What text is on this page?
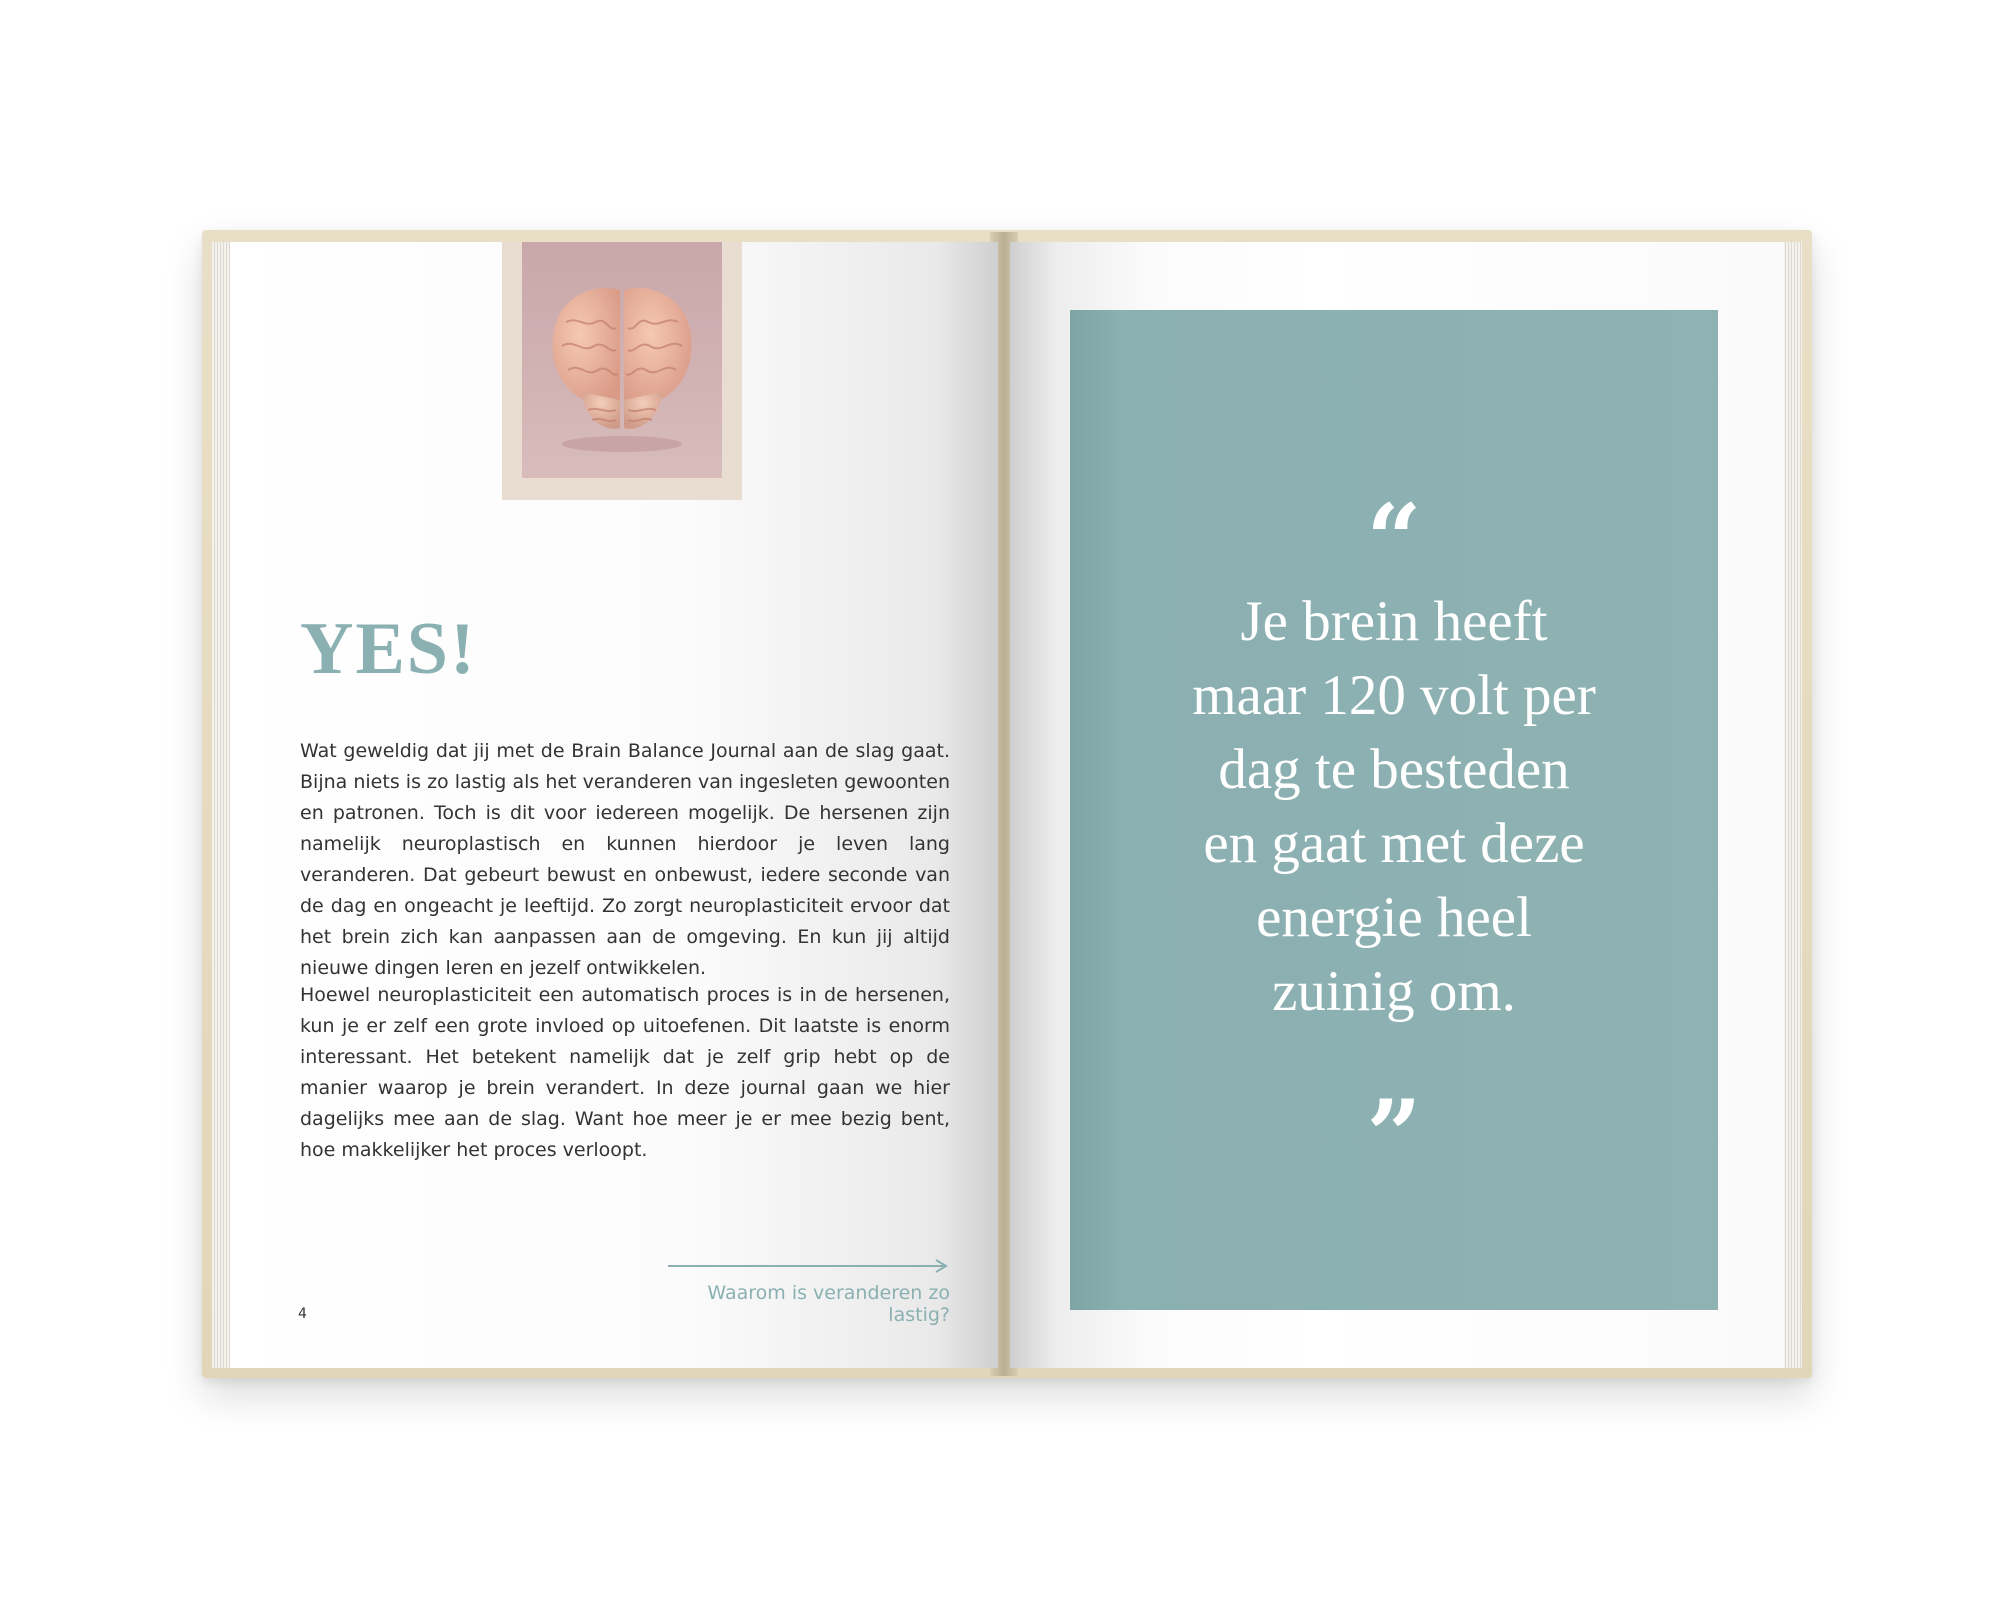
YES!

Wat geweldig dat jij met de Brain Balance Journal aan de slag gaat. Bijna niets is zo lastig als het veranderen van ingesleten gewoonten en patronen. Toch is dit voor iedereen mogelijk. De hersenen zijn namelijk neuroplastisch en kunnen hierdoor je leven lang veranderen. Dat gebeurt bewust en onbewust, iedere seconde van de dag en ongeacht je leeftijd. Zo zorgt neuroplasticiteit ervoor dat het brein zich kan aanpassen aan de omgeving. En kun jij altijd nieuwe dingen leren en jezelf ontwikkelen.

Hoewel neuroplasticiteit een automatisch proces is in de hersenen, kun je er zelf een grote invloed op uitoefenen. Dit laatste is enorm interessant. Het betekent namelijk dat je zelf grip hebt op de manier waarop je brein verandert. In deze journal gaan we hier dagelijks mee aan de slag. Want hoe meer je er mee bezig bent, hoe makkelijker het proces verloopt.

Waarom is veranderen zo lastig?
4
“

Je brein heeft
maar 120 volt per
dag te besteden
en gaat met deze
energie heel
zuinig om.

”
